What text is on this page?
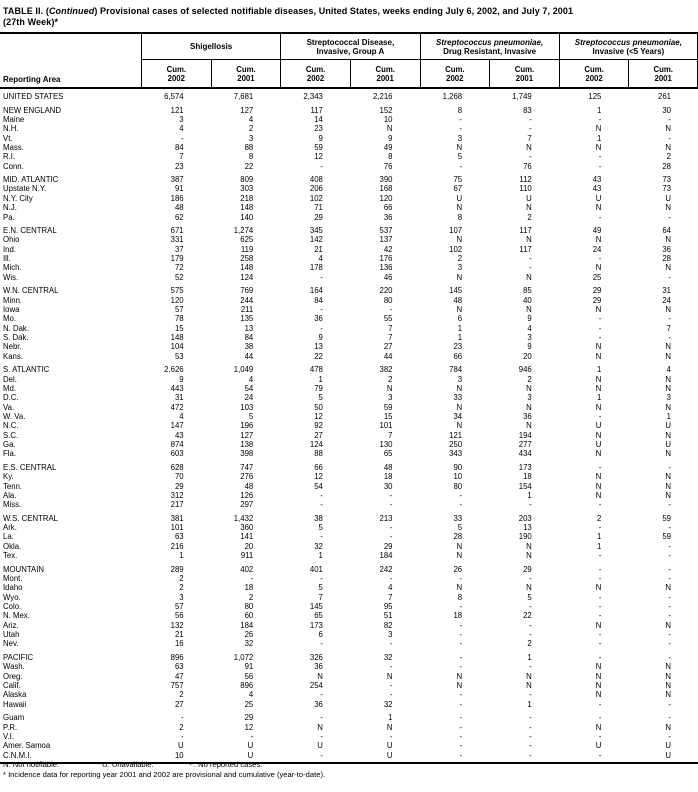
TABLE II. (Continued) Provisional cases of selected notifiable diseases, United States, weeks ending July 6, 2002, and July 7, 2001
(27th Week)*
Reporting Area
Shigellosis
Streptococcal Disease,
Invasive, Group A
Streptococcus pneumoniae,
Drug Resistant, Invasive
Streptococcus pneumoniae,
Invasive (<5 Years)
Cum.
2002
Cum.
2001
Cum.
2002
Cum.
2001
Cum.
2002
Cum.
2001
Cum.
2002
Cum.
2001
UNITED STATES	6,574	7,681	2,343	2,216	1,268	1,749	125	261
NEW ENGLAND	121	127	117	152	8	83	1	30
Maine	3	4	14	10	-	-	-	-
N.H.	4	2	23	N	-	-	N	N
Vt.	-	3	9	9	3	7	1	-
Mass.	84	88	59	49	N	N	N	N
R.I.	7	8	12	8	5	-	-	2
Conn.	23	22	-	76	-	76	-	28
MID. ATLANTIC	387	809	408	390	75	112	43	73
Upstate N.Y.	91	303	206	168	67	110	43	73
N.Y. City	186	218	102	120	U	U	U	U
N.J.	48	148	71	66	N	N	N	N
Pa.	62	140	29	36	8	2	-	-
E.N. CENTRAL	671	1,274	345	537	107	117	49	64
Ohio	331	625	142	137	N	N	N	N
Ind.	37	119	21	42	102	117	24	36
Ill.	179	258	4	176	2	-	-	28
Mich.	72	148	178	136	3	-	N	N
Wis.	52	124	-	46	N	N	25	-
W.N. CENTRAL	575	769	164	220	145	85	29	31
Minn.	120	244	84	80	48	40	29	24
Iowa	57	211	-	-	N	N	N	N
Mo.	78	135	36	55	6	9	-	-
N. Dak.	15	13	-	7	1	4	-	7
S. Dak.	148	84	9	7	1	3	-	-
Nebr.	104	38	13	27	23	9	N	N
Kans.	53	44	22	44	66	20	N	N
S. ATLANTIC	2,626	1,049	478	382	784	946	1	4
Del.	9	4	1	2	3	2	N	N
Md.	443	54	79	N	N	N	N	N
D.C.	31	24	5	3	33	3	1	3
Va.	472	103	50	59	N	N	N	N
W. Va.	4	5	12	15	34	36	-	1
N.C.	147	196	92	101	N	N	U	U
S.C.	43	127	27	7	121	194	N	N
Ga.	874	138	124	130	250	277	U	U
Fla.	603	398	88	65	343	434	N	N
E.S. CENTRAL	628	747	66	48	90	173	-	-
Ky.	70	276	12	18	10	18	N	N
Tenn.	29	48	54	30	80	154	N	N
Ala.	312	126	-	-	-	1	N	N
Miss.	217	297	-	-	-	-	-	-
W.S. CENTRAL	381	1,432	38	213	33	203	2	59
Ark.	101	360	5	-	5	13	-	-
La.	63	141	-	-	28	190	1	59
Okla.	216	20	32	29	N	N	1	-
Tex.	1	911	1	184	N	N	-	-
MOUNTAIN	289	402	401	242	26	29	-	-
Mont.	2	-	-	-	-	-	-	-
Idaho	2	18	5	4	N	N	N	N
Wyo.	3	2	7	7	8	5	-	-
Colo.	57	80	145	95	-	-	-	-
N. Mex.	56	60	65	51	18	22	-	-
Ariz.	132	184	173	82	-	-	N	N
Utah	21	26	6	3	-	-	-	-
Nev.	16	32	-	-	-	2	-	-
PACIFIC	896	1,072	326	32	-	1	-	-
Wash.	63	91	36	-	-	-	N	N
Oreg.	47	56	N	N	N	N	N	N
Calif.	757	896	254	-	N	N	N	N
Alaska	2	4	-	-	-	-	N	N
Hawaii	27	25	36	32	-	1	-	-
Guam	-	29	-	1	-	-	-	-
P.R.	2	12	N	N	-	-	N	N
V.I.	-	-	-	-	-	-	-	-
Amer. Samoa	U	U	U	U	-	-	U	U
C.N.M.I.	10	U	-	U	-	-	-	U
N: Not notifiable.	U: Unavailable.	- : No reported cases.
* Incidence data for reporting year 2001 and 2002 are provisional and cumulative (year-to-date).
